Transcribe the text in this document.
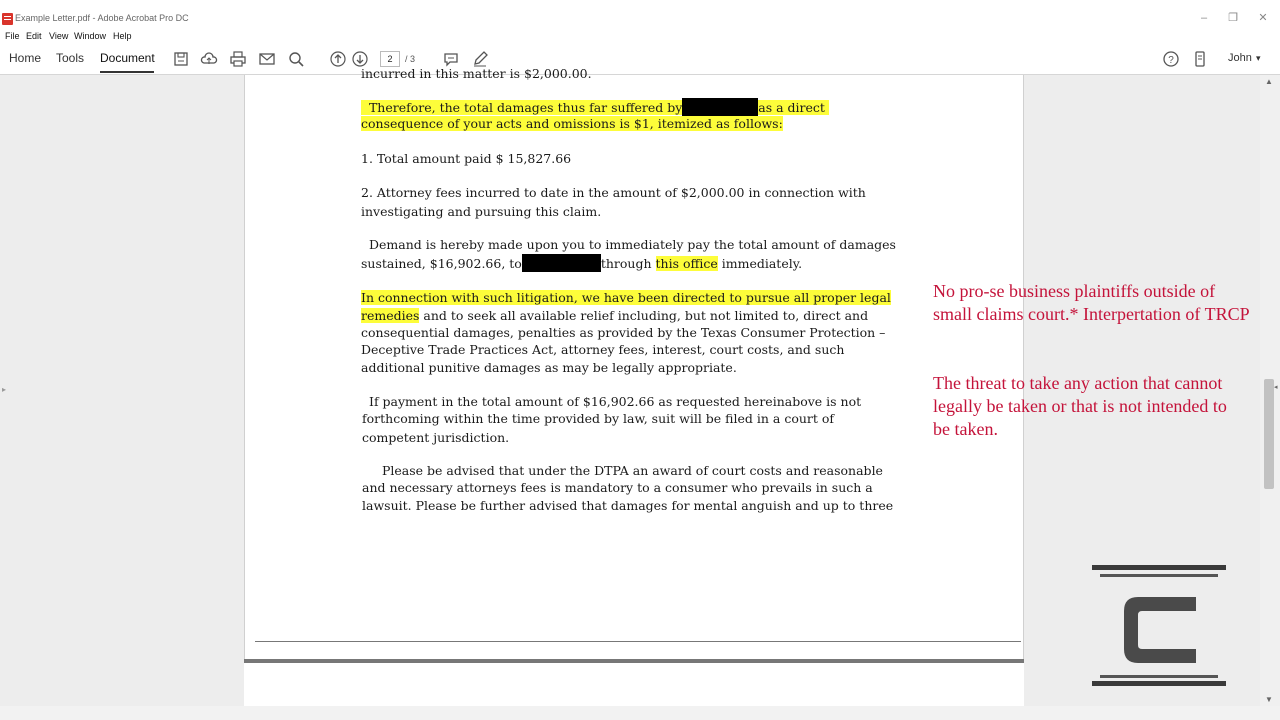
Example Letter.pdf - Adobe Acrobat Pro DC	–	❐	✕
File Edit View Window Help
Home Tools Document	2	/ 3	?	John ▾
▸
incurred in this matter is $2,000.00.
Therefore, the total damages thus far suffered by	as a direct
consequence of your acts and omissions is $1, itemized as follows:
1. Total amount paid $ 15,827.66
2. Attorney fees incurred to date in the amount of $2,000.00 in connection with
investigating and pursuing this claim.
Demand is hereby made upon you to immediately pay the total amount of damages
sustained, $16,902.66, to	through this office immediately.
In connection with such litigation, we have been directed to pursue all proper legal
remedies and to seek all available relief including, but not limited to, direct and
consequential damages, penalties as provided by the Texas Consumer Protection –
Deceptive Trade Practices Act, attorney fees, interest, court costs, and such
additional punitive damages as may be legally appropriate.
If payment in the total amount of $16,902.66 as requested hereinabove is not
forthcoming within the time provided by law, suit will be filed in a court of
competent jurisdiction.
Please be advised that under the DTPA an award of court costs and reasonable
and necessary attorneys fees is mandatory to a consumer who prevails in such a
lawsuit. Please be further advised that damages for mental anguish and up to three
No pro-se business plaintiffs outside of small claims court.* Interpertation of TRCP
The threat to take any action that cannot legally be taken or that is not intended to be taken.
▲
◂
▼
